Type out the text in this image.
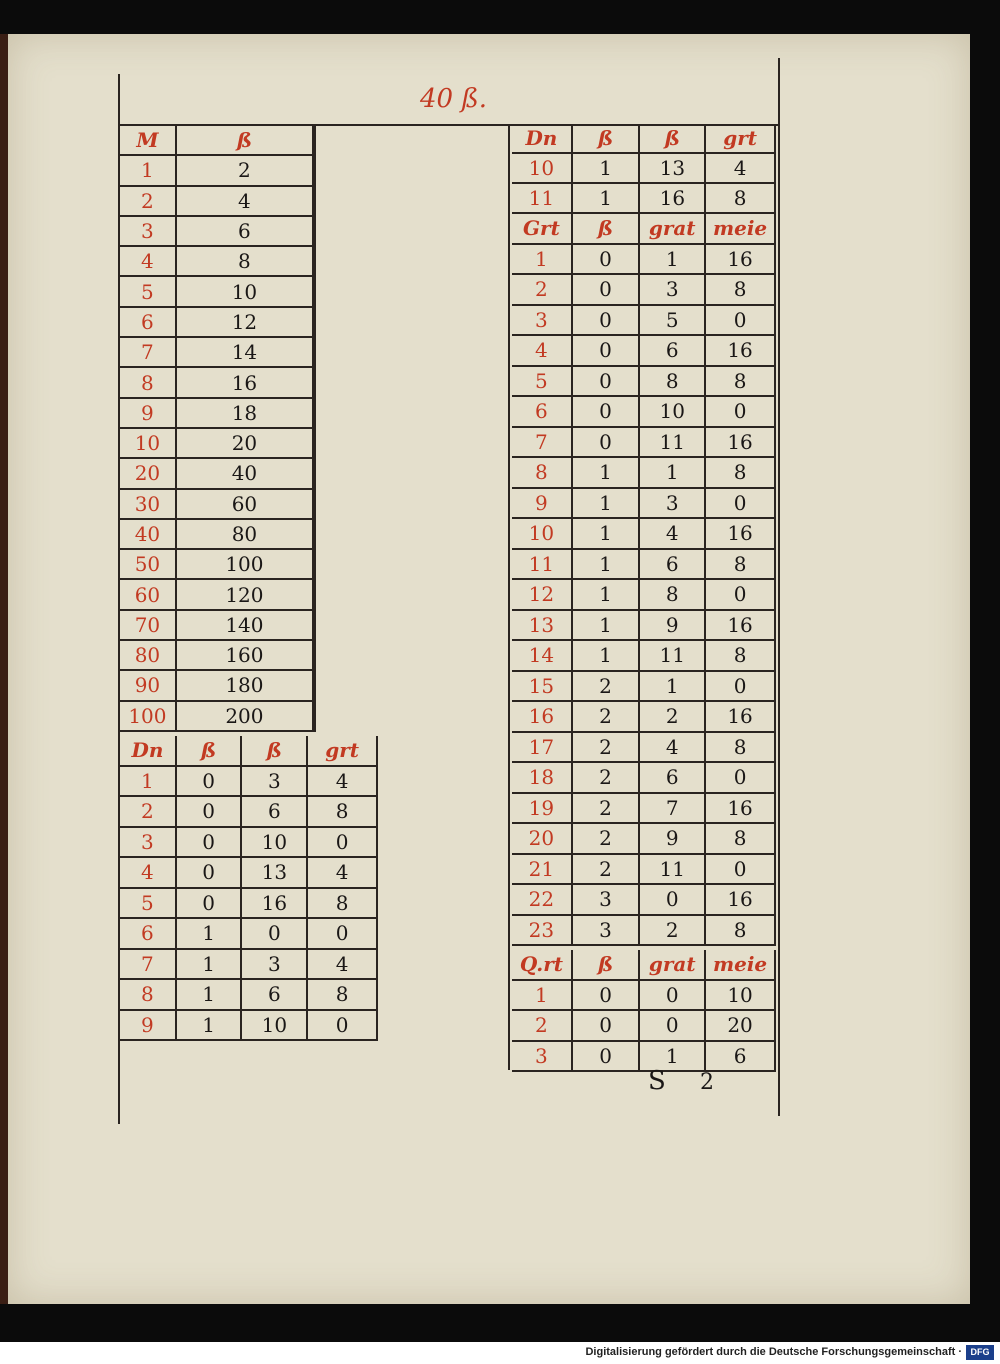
40 ß.
M	ß
1	2
2	4
3	6
4	8
5	10
6	12
7	14
8	16
9	18
10	20
20	40
30	60
40	80
50	100
60	120
70	140
80	160
90	180
100	200
Dn	ß	ß	grt
1	0	3	4
2	0	6	8
3	0	10	0
4	0	13	4
5	0	16	8
6	1	0	0
7	1	3	4
8	1	6	8
9	1	10	0
Dn	ß	ß	grt
10	1	13	4
11	1	16	8
Grt	ß	grat	meie
1	0	1	16
2	0	3	8
3	0	5	0
4	0	6	16
5	0	8	8
6	0	10	0
7	0	11	16
8	1	1	8
9	1	3	0
10	1	4	16
11	1	6	8
12	1	8	0
13	1	9	16
14	1	11	8
15	2	1	0
16	2	2	16
17	2	4	8
18	2	6	0
19	2	7	16
20	2	9	8
21	2	11	0
22	3	0	16
23	3	2	8
Q.rt	ß	grat	meie
1	0	0	10
2	0	0	20
3	0	1	6
S 2
Digitalisierung gefördert durch die Deutsche Forschungsgemeinschaft · DFG
